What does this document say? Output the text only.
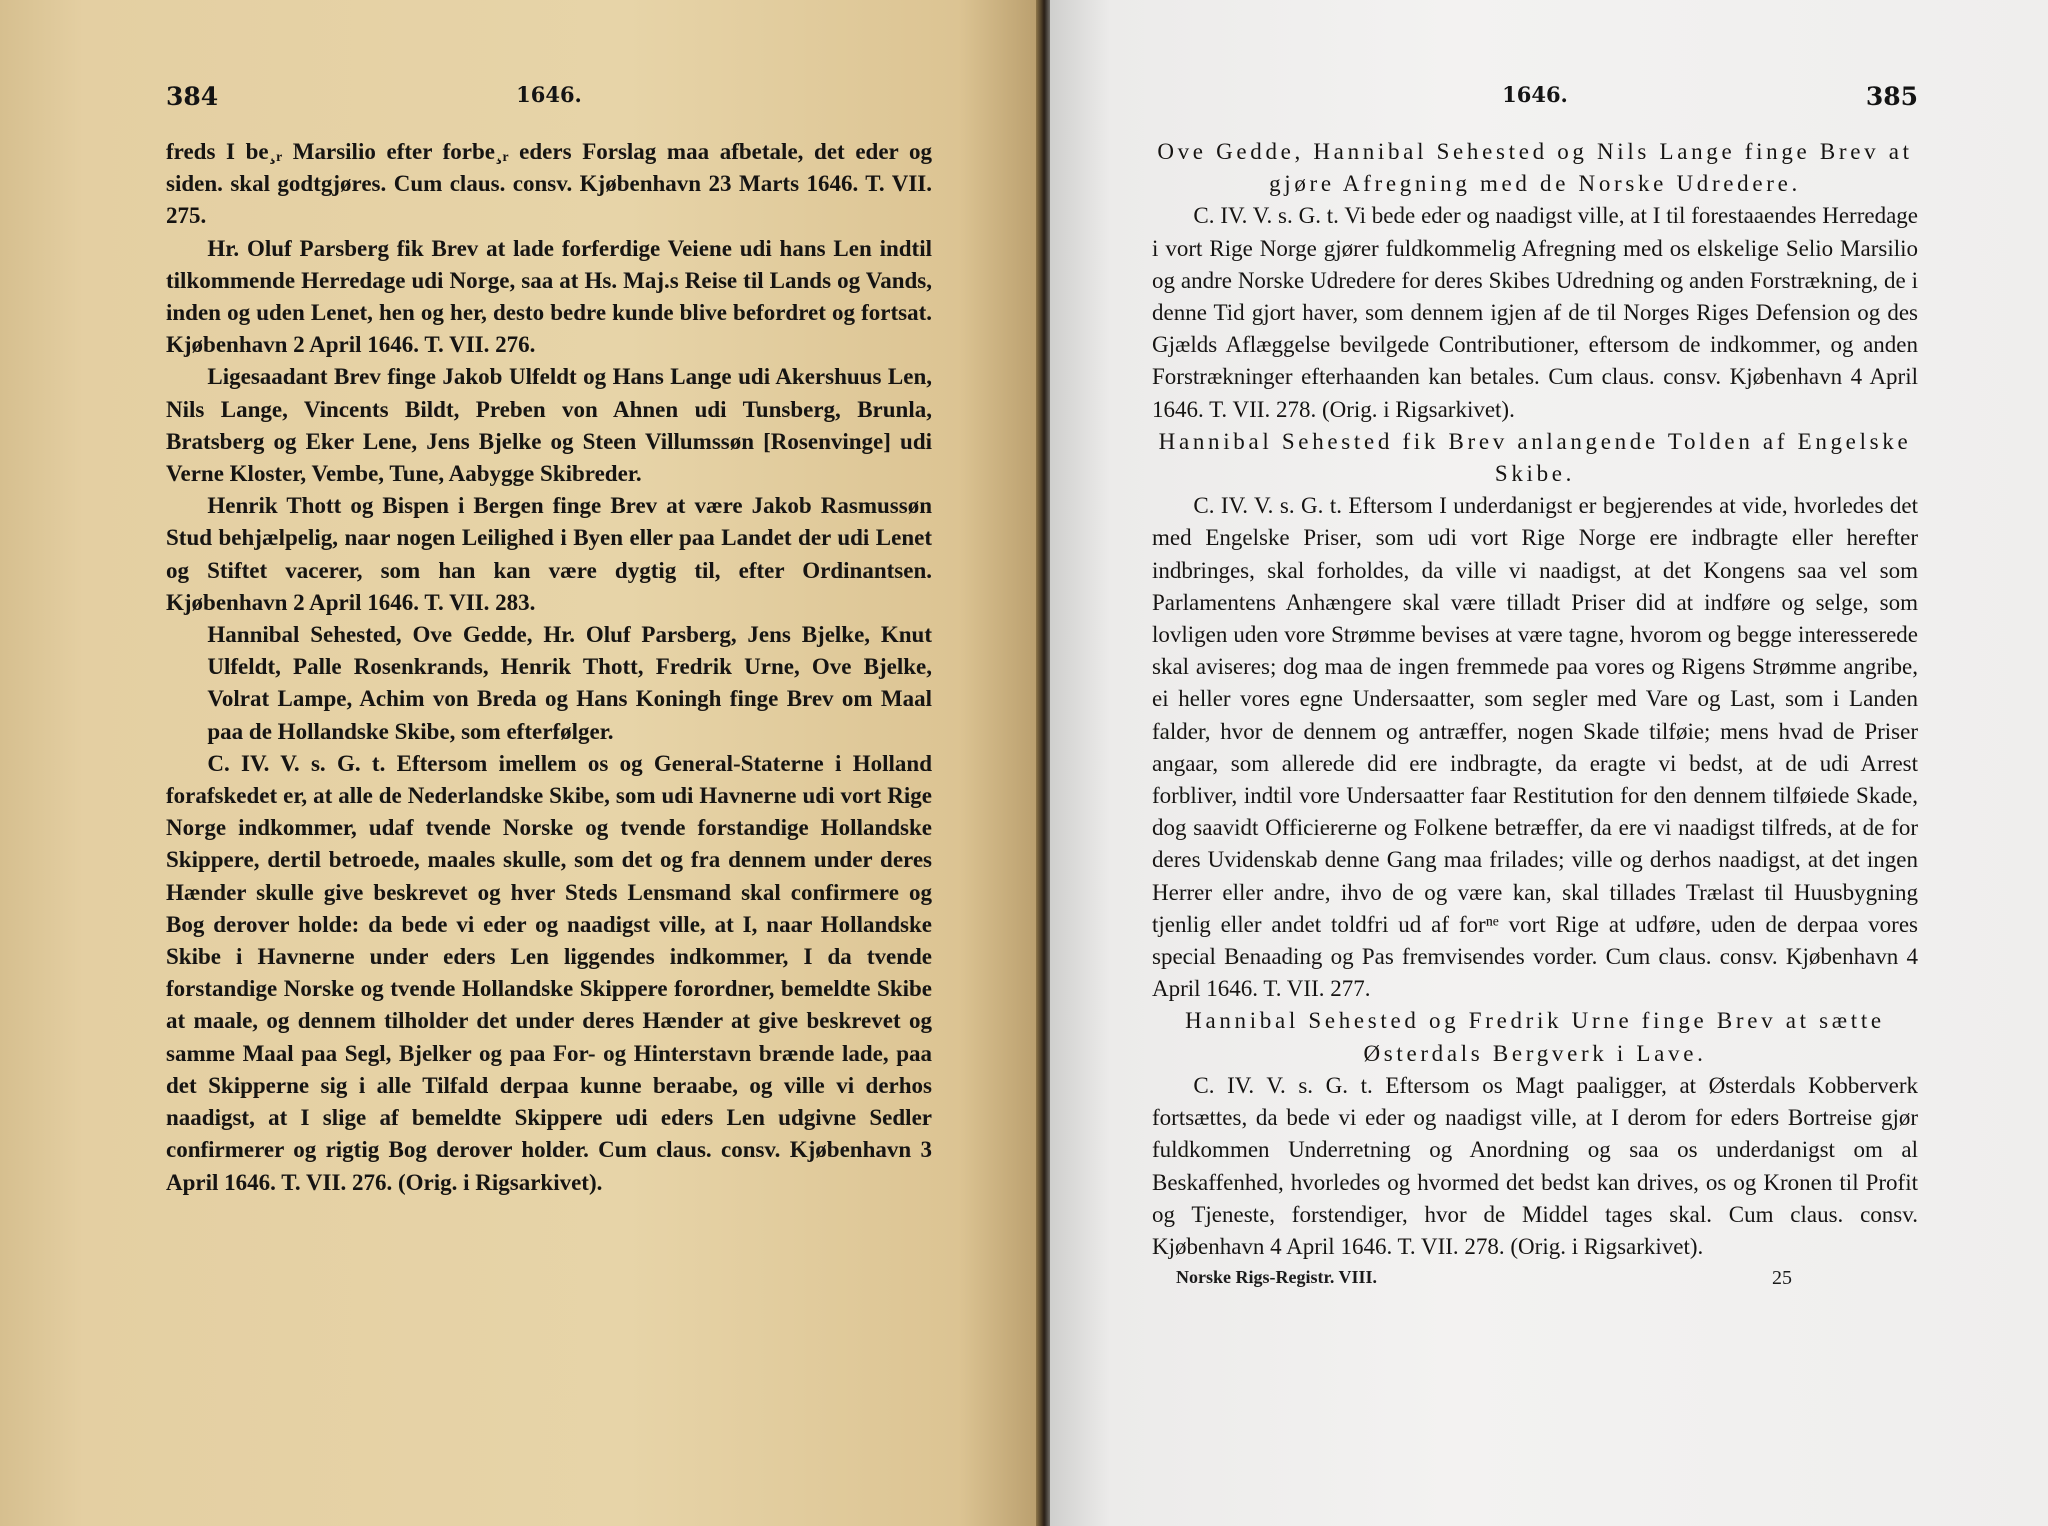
384	1646.

freds I be¸ᵣ Marsilio efter forbe¸ᵣ eders Forslag maa afbetale, det eder og siden. skal godtgjøres. Cum claus. consv. Kjøbenhavn 23 Marts 1646. T. VII. 275.

Hr. Oluf Parsberg fik Brev at lade forferdige Veiene udi hans Len indtil tilkommende Herredage udi Norge, saa at Hs. Maj.s Reise til Lands og Vands, inden og uden Lenet, hen og her, desto bedre kunde blive befordret og fortsat. Kjøbenhavn 2 April 1646. T. VII. 276.

Ligesaadant Brev finge Jakob Ulfeldt og Hans Lange udi Akershuus Len, Nils Lange, Vincents Bildt, Preben von Ahnen udi Tunsberg, Brunla, Bratsberg og Eker Lene, Jens Bjelke og Steen Villumssøn [Rosenvinge] udi Verne Kloster, Vembe, Tune, Aabygge Skibreder.

Henrik Thott og Bispen i Bergen finge Brev at være Jakob Rasmussøn Stud behjælpelig, naar nogen Leilighed i Byen eller paa Landet der udi Lenet og Stiftet vacerer, som han kan være dygtig til, efter Ordinantsen. Kjøbenhavn 2 April 1646. T. VII. 283.

Hannibal Sehested, Ove Gedde, Hr. Oluf Parsberg, Jens Bjelke, Knut Ulfeldt, Palle Rosenkrands, Henrik Thott, Fredrik Urne, Ove Bjelke, Volrat Lampe, Achim von Breda og Hans Koningh finge Brev om Maal paa de Hollandske Skibe, som efterfølger.

C. IV. V. s. G. t. Eftersom imellem os og General-Staterne i Holland forafskedet er, at alle de Nederlandske Skibe, som udi Havnerne udi vort Rige Norge indkommer, udaf tvende Norske og tvende forstandige Hollandske Skippere, dertil betroede, maales skulle, som det og fra dennem under deres Hænder skulle give beskrevet og hver Steds Lensmand skal confirmere og Bog derover holde: da bede vi eder og naadigst ville, at I, naar Hollandske Skibe i Havnerne under eders Len liggendes indkommer, I da tvende forstandige Norske og tvende Hollandske Skippere forordner, bemeldte Skibe at maale, og dennem tilholder det under deres Hænder at give beskrevet og samme Maal paa Segl, Bjelker og paa For- og Hinterstavn brænde lade, paa det Skipperne sig i alle Tilfald derpaa kunne beraabe, og ville vi derhos naadigst, at I slige af bemeldte Skippere udi eders Len udgivne Sedler confirmerer og rigtig Bog derover holder. Cum claus. consv. Kjøbenhavn 3 April 1646. T. VII. 276. (Orig. i Rigsarkivet).

1646.	385

Ove Gedde, Hannibal Sehested og Nils Lange finge Brev at gjøre Afregning med de Norske Udredere.

C. IV. V. s. G. t. Vi bede eder og naadigst ville, at I til forestaaendes Herredage i vort Rige Norge gjører fuldkommelig Afregning med os elskelige Selio Marsilio og andre Norske Udredere for deres Skibes Udredning og anden Forstrækning, de i denne Tid gjort haver, som dennem igjen af de til Norges Riges Defension og des Gjælds Aflæggelse bevilgede Contributioner, eftersom de indkommer, og anden Forstrækninger efterhaanden kan betales. Cum claus. consv. Kjøbenhavn 4 April 1646. T. VII. 278. (Orig. i Rigsarkivet).

Hannibal Sehested fik Brev anlangende Tolden af Engelske Skibe.

C. IV. V. s. G. t. Eftersom I underdanigst er begjerendes at vide, hvorledes det med Engelske Priser, som udi vort Rige Norge ere indbragte eller herefter indbringes, skal forholdes, da ville vi naadigst, at det Kongens saa vel som Parlamentens Anhængere skal være tilladt Priser did at indføre og selge, som lovligen uden vore Strømme bevises at være tagne, hvorom og begge interesserede skal aviseres; dog maa de ingen fremmede paa vores og Rigens Strømme angribe, ei heller vores egne Undersaatter, som segler med Vare og Last, som i Landen falder, hvor de dennem og antræffer, nogen Skade tilføie; mens hvad de Priser angaar, som allerede did ere indbragte, da eragte vi bedst, at de udi Arrest forbliver, indtil vore Undersaatter faar Restitution for den dennem tilføiede Skade, dog saavidt Officiererne og Folkene betræffer, da ere vi naadigst tilfreds, at de for deres Uvidenskab denne Gang maa frilades; ville og derhos naadigst, at det ingen Herrer eller andre, ihvo de og være kan, skal tillades Trælast til Huusbygning tjenlig eller andet toldfri ud af forⁿᵉ vort Rige at udføre, uden de derpaa vores special Benaading og Pas fremvisendes vorder. Cum claus. consv. Kjøbenhavn 4 April 1646. T. VII. 277.

Hannibal Sehested og Fredrik Urne finge Brev at sætte Østerdals Bergverk i Lave.

C. IV. V. s. G. t. Eftersom os Magt paaligger, at Østerdals Kobberverk fortsættes, da bede vi eder og naadigst ville, at I derom for eders Bortreise gjør fuldkommen Underretning og Anordning og saa os underdanigst om al Beskaffenhed, hvorledes og hvormed det bedst kan drives, os og Kronen til Profit og Tjeneste, forstendiger, hvor de Middel tages skal. Cum claus. consv. Kjøbenhavn 4 April 1646. T. VII. 278. (Orig. i Rigsarkivet).

Norske Rigs-Registr. VIII.	25
